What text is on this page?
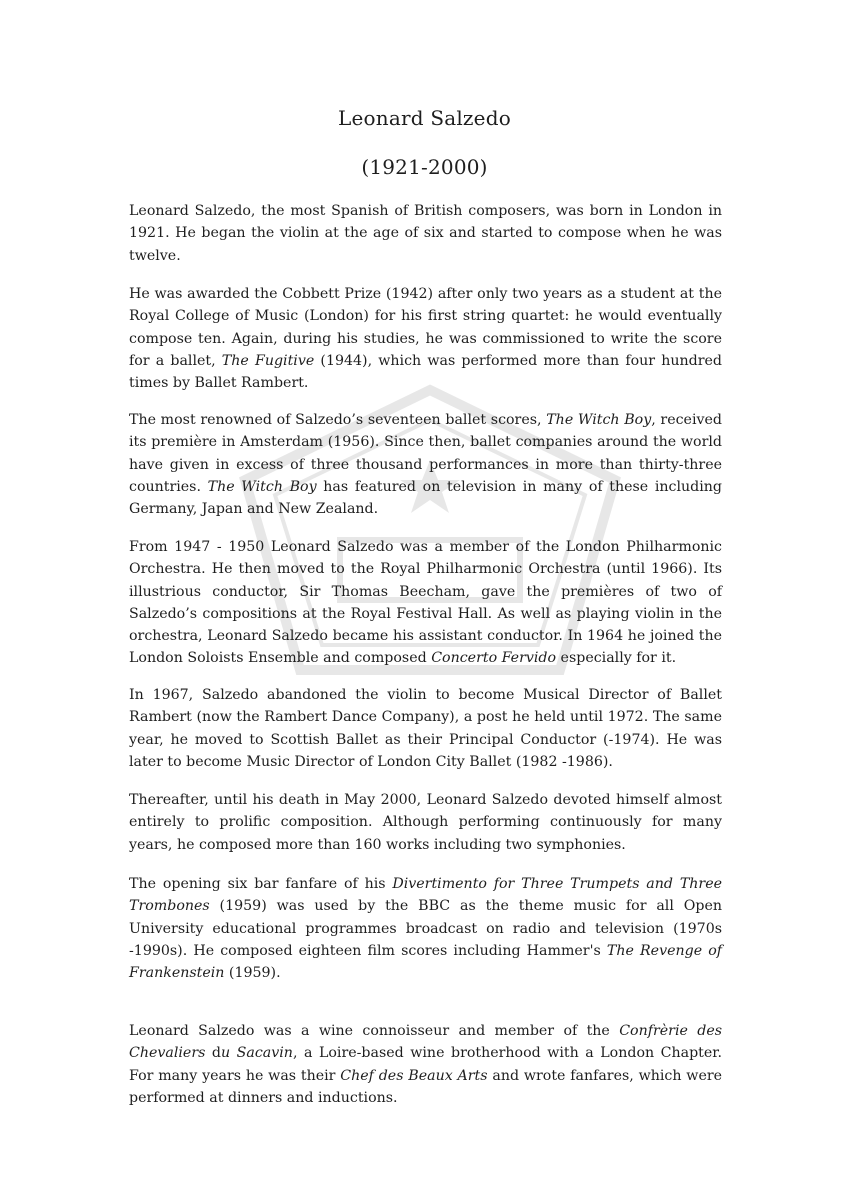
Leonard Salzedo
(1921-2000)

Leonard Salzedo, the most Spanish of British composers, was born in London in 1921. He began the violin at the age of six and started to compose when he was twelve.

He was awarded the Cobbett Prize (1942) after only two years as a student at the Royal College of Music (London) for his first string quartet: he would eventually compose ten. Again, during his studies, he was commissioned to write the score for a ballet, The Fugitive (1944), which was performed more than four hundred times by Ballet Rambert.

The most renowned of Salzedo’s seventeen ballet scores, The Witch Boy, received its première in Amsterdam (1956). Since then, ballet companies around the world have given in excess of three thousand performances in more than thirty-three countries. The Witch Boy has featured on television in many of these including Germany, Japan and New Zealand.

From 1947 - 1950 Leonard Salzedo was a member of the London Philharmonic Orchestra. He then moved to the Royal Philharmonic Orchestra (until 1966). Its illustrious conductor, Sir Thomas Beecham, gave the premières of two of Salzedo’s compositions at the Royal Festival Hall. As well as playing violin in the orchestra, Leonard Salzedo became his assistant conductor. In 1964 he joined the London Soloists Ensemble and composed Concerto Fervido especially for it.

In 1967, Salzedo abandoned the violin to become Musical Director of Ballet Rambert (now the Rambert Dance Company), a post he held until 1972. The same year, he moved to Scottish Ballet as their Principal Conductor (-1974). He was later to become Music Director of London City Ballet (1982 -1986).

Thereafter, until his death in May 2000, Leonard Salzedo devoted himself almost entirely to prolific composition. Although performing continuously for many years, he composed more than 160 works including two symphonies.

The opening six bar fanfare of his Divertimento for Three Trumpets and Three Trombones (1959) was used by the BBC as the theme music for all Open University educational programmes broadcast on radio and television (1970s -1990s). He composed eighteen film scores including Hammer's The Revenge of Frankenstein (1959).

Leonard Salzedo was a wine connoisseur and member of the Confrèrie des Chevaliers du Sacavin, a Loire-based wine brotherhood with a London Chapter. For many years he was their Chef des Beaux Arts and wrote fanfares, which were performed at dinners and inductions.
